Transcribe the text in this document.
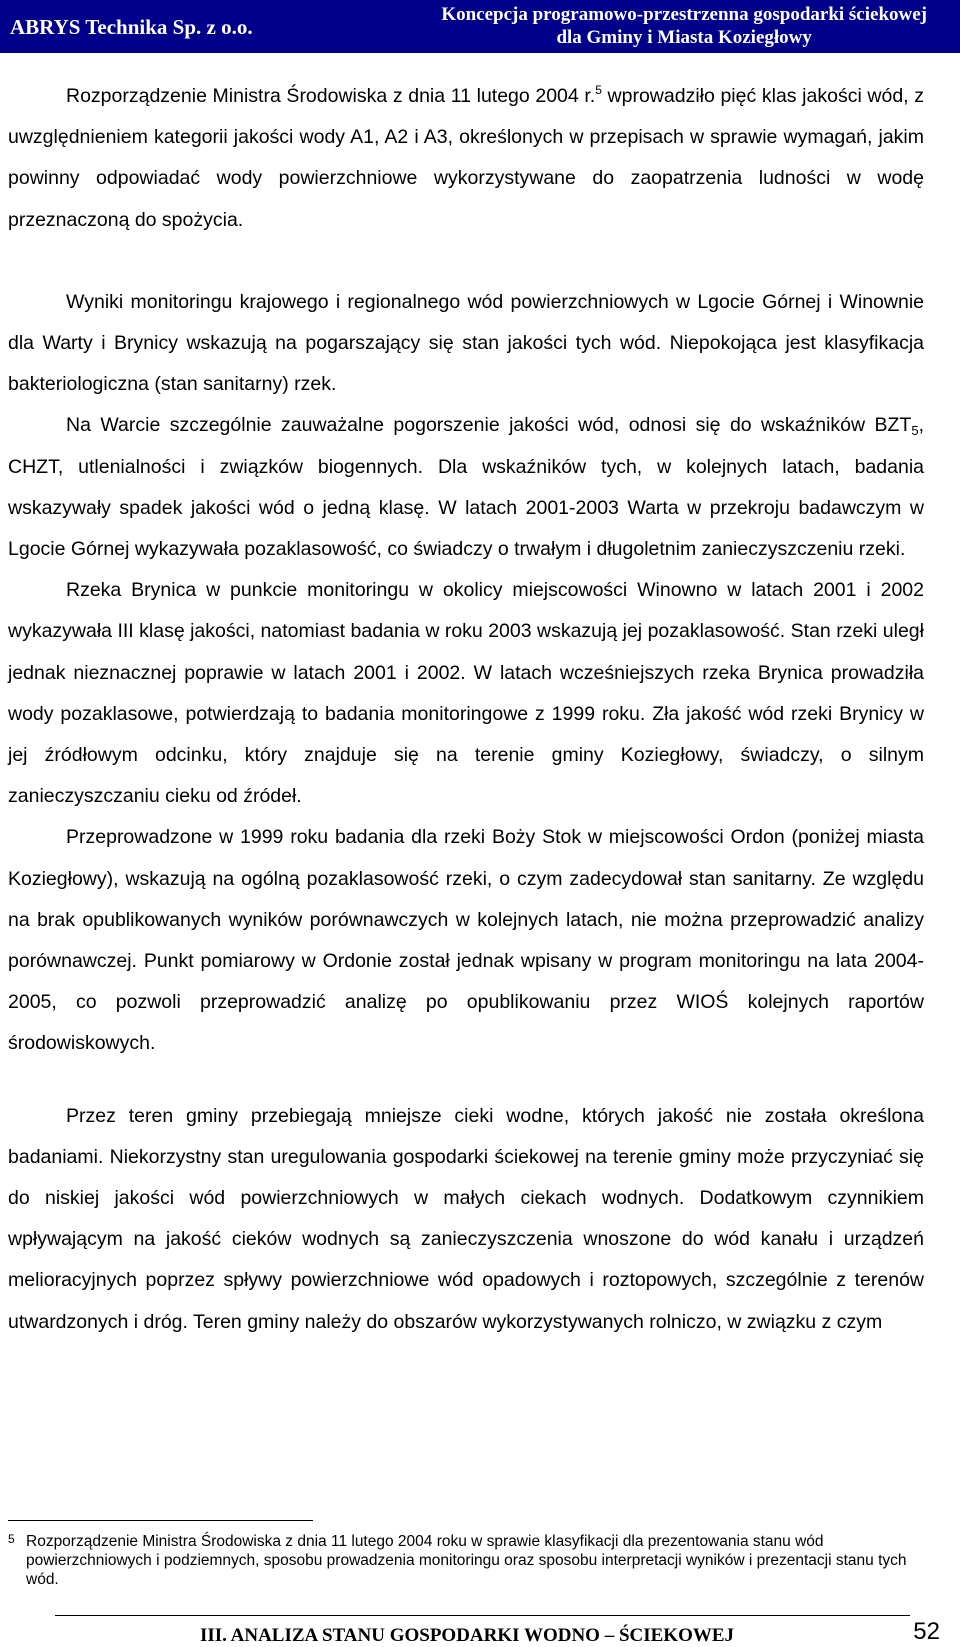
ABRYS Technika Sp. z o.o.
Koncepcja programowo-przestrzenna gospodarki ściekowej
dla Gminy i Miasta Koziegłowy

Rozporządzenie Ministra Środowiska z dnia 11 lutego 2004 r.$^5$ wprowadziło pięć klas jakości wód, z uwzględnieniem kategorii jakości wody A1, A2 i A3, określonych w przepisach w sprawie wymagań, jakim powinny odpowiadać wody powierzchniowe wykorzystywane do zaopatrzenia ludności w wodę przeznaczoną do spożycia.

Wyniki monitoringu krajowego i regionalnego wód powierzchniowych w Lgocie Górnej i Winownie dla Warty i Brynicy wskazują na pogarszający się stan jakości tych wód. Niepokojąca jest klasyfikacja bakteriologiczna (stan sanitarny) rzek.

Na Warcie szczególnie zauważalne pogorszenie jakości wód, odnosi się do wskaźników $BZT_5$, CHZT, utlenialności i związków biogennych. Dla wskaźników tych, w kolejnych latach, badania wskazywały spadek jakości wód o jedną klasę. W latach 2001-2003 Warta w przekroju badawczym w Lgocie Górnej wykazywała pozaklasowość, co świadczy o trwałym i długoletnim zanieczyszczeniu rzeki.

Rzeka Brynica w punkcie monitoringu w okolicy miejscowości Winowno w latach 2001 i 2002 wykazywała III klasę jakości, natomiast badania w roku 2003 wskazują jej pozaklasowość. Stan rzeki uległ jednak nieznacznej poprawie w latach 2001 i 2002. W latach wcześniejszych rzeka Brynica prowadziła wody pozaklasowe, potwierdzają to badania monitoringowe z 1999 roku. Zła jakość wód rzeki Brynicy w jej źródłowym odcinku, który znajduje się na terenie gminy Koziegłowy, świadczy, o silnym zanieczyszczaniu cieku od źródeł.

Przeprowadzone w 1999 roku badania dla rzeki Boży Stok w miejscowości Ordon (poniżej miasta Koziegłowy), wskazują na ogólną pozaklasowość rzeki, o czym zadecydował stan sanitarny. Ze względu na brak opublikowanych wyników porównawczych w kolejnych latach, nie można przeprowadzić analizy porównawczej. Punkt pomiarowy w Ordonie został jednak wpisany w program monitoringu na lata 2004-2005, co pozwoli przeprowadzić analizę po opublikowaniu przez WIOŚ kolejnych raportów środowiskowych.

Przez teren gminy przebiegają mniejsze cieki wodne, których jakość nie została określona badaniami. Niekorzystny stan uregulowania gospodarki ściekowej na terenie gminy może przyczyniać się do niskiej jakości wód powierzchniowych w małych ciekach wodnych. Dodatkowym czynnikiem wpływającym na jakość cieków wodnych są zanieczyszczenia wnoszone do wód kanału i urządzeń melioracyjnych poprzez spływy powierzchniowe wód opadowych i roztopowych, szczególnie z terenów utwardzonych i dróg. Teren gminy należy do obszarów wykorzystywanych rolniczo, w związku z czym

5 Rozporządzenie Ministra Środowiska z dnia 11 lutego 2004 roku w sprawie klasyfikacji dla prezentowania stanu wód powierzchniowych i podziemnych, sposobu prowadzenia monitoringu oraz sposobu interpretacji wyników i prezentacji stanu tych wód.
III. ANALIZA STANU GOSPODARKI WODNO – ŚCIEKOWEJ	52
